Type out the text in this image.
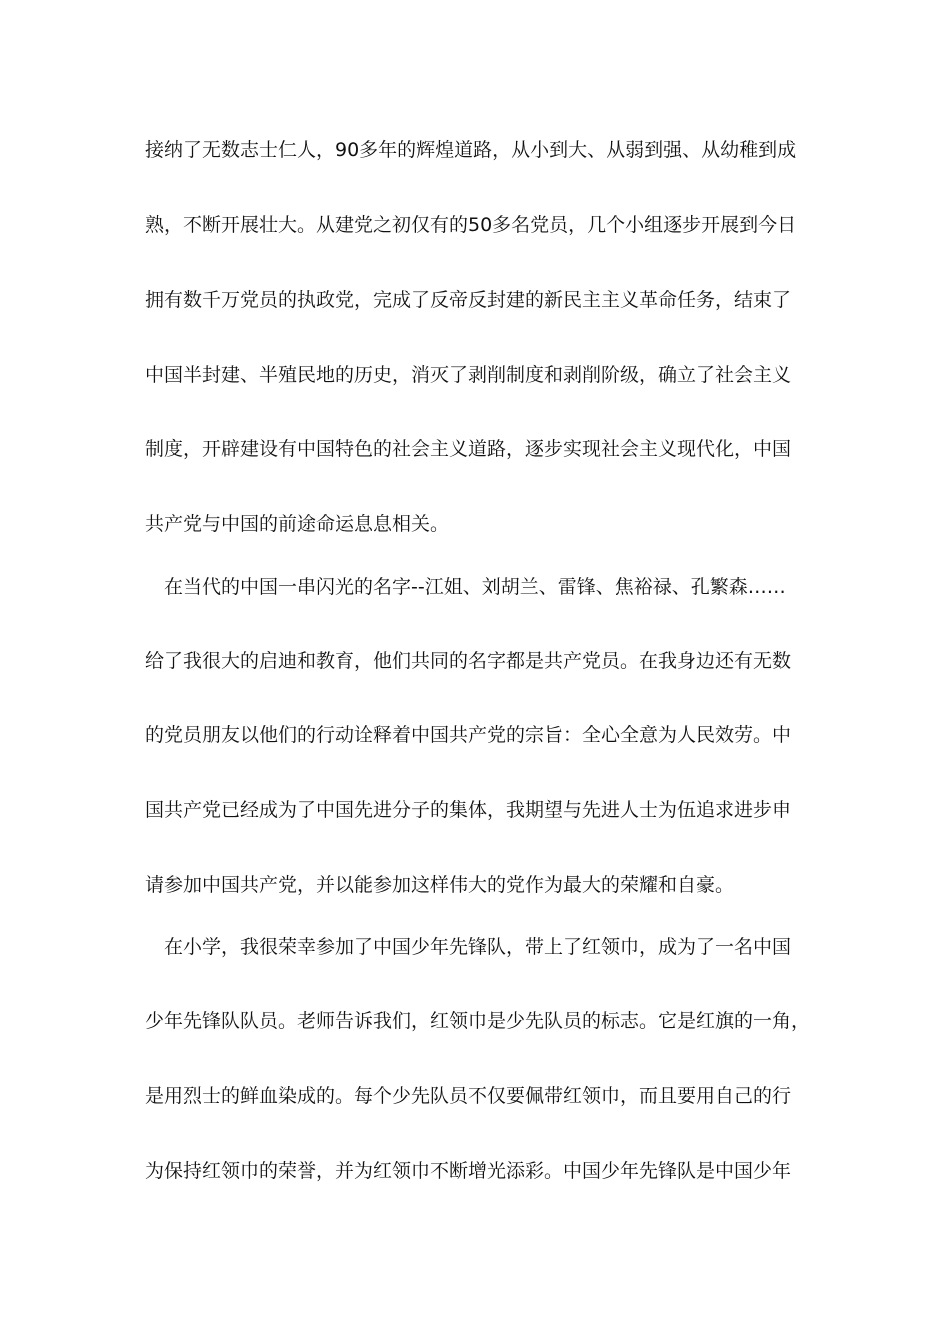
接纳了无数志士仁人，90多年的辉煌道路，从小到大、从弱到强、从幼稚到成
熟，不断开展壮大。从建党之初仅有的50多名党员，几个小组逐步开展到今日
拥有数千万党员的执政党，完成了反帝反封建的新民主主义革命任务，结束了
中国半封建、半殖民地的历史，消灭了剥削制度和剥削阶级，确立了社会主义
制度，开辟建设有中国特色的社会主义道路，逐步实现社会主义现代化，中国
共产党与中国的前途命运息息相关。
在当代的中国一串闪光的名字--江姐、刘胡兰、雷锋、焦裕禄、孔繁森……
给了我很大的启迪和教育，他们共同的名字都是共产党员。在我身边还有无数
的党员朋友以他们的行动诠释着中国共产党的宗旨：全心全意为人民效劳。中
国共产党已经成为了中国先进分子的集体，我期望与先进人士为伍追求进步申
请参加中国共产党，并以能参加这样伟大的党作为最大的荣耀和自豪。
在小学，我很荣幸参加了中国少年先锋队，带上了红领巾，成为了一名中国
少年先锋队队员。老师告诉我们，红领巾是少先队员的标志。它是红旗的一角，
是用烈士的鲜血染成的。每个少先队员不仅要佩带红领巾，而且要用自己的行
为保持红领巾的荣誉，并为红领巾不断增光添彩。中国少年先锋队是中国少年
